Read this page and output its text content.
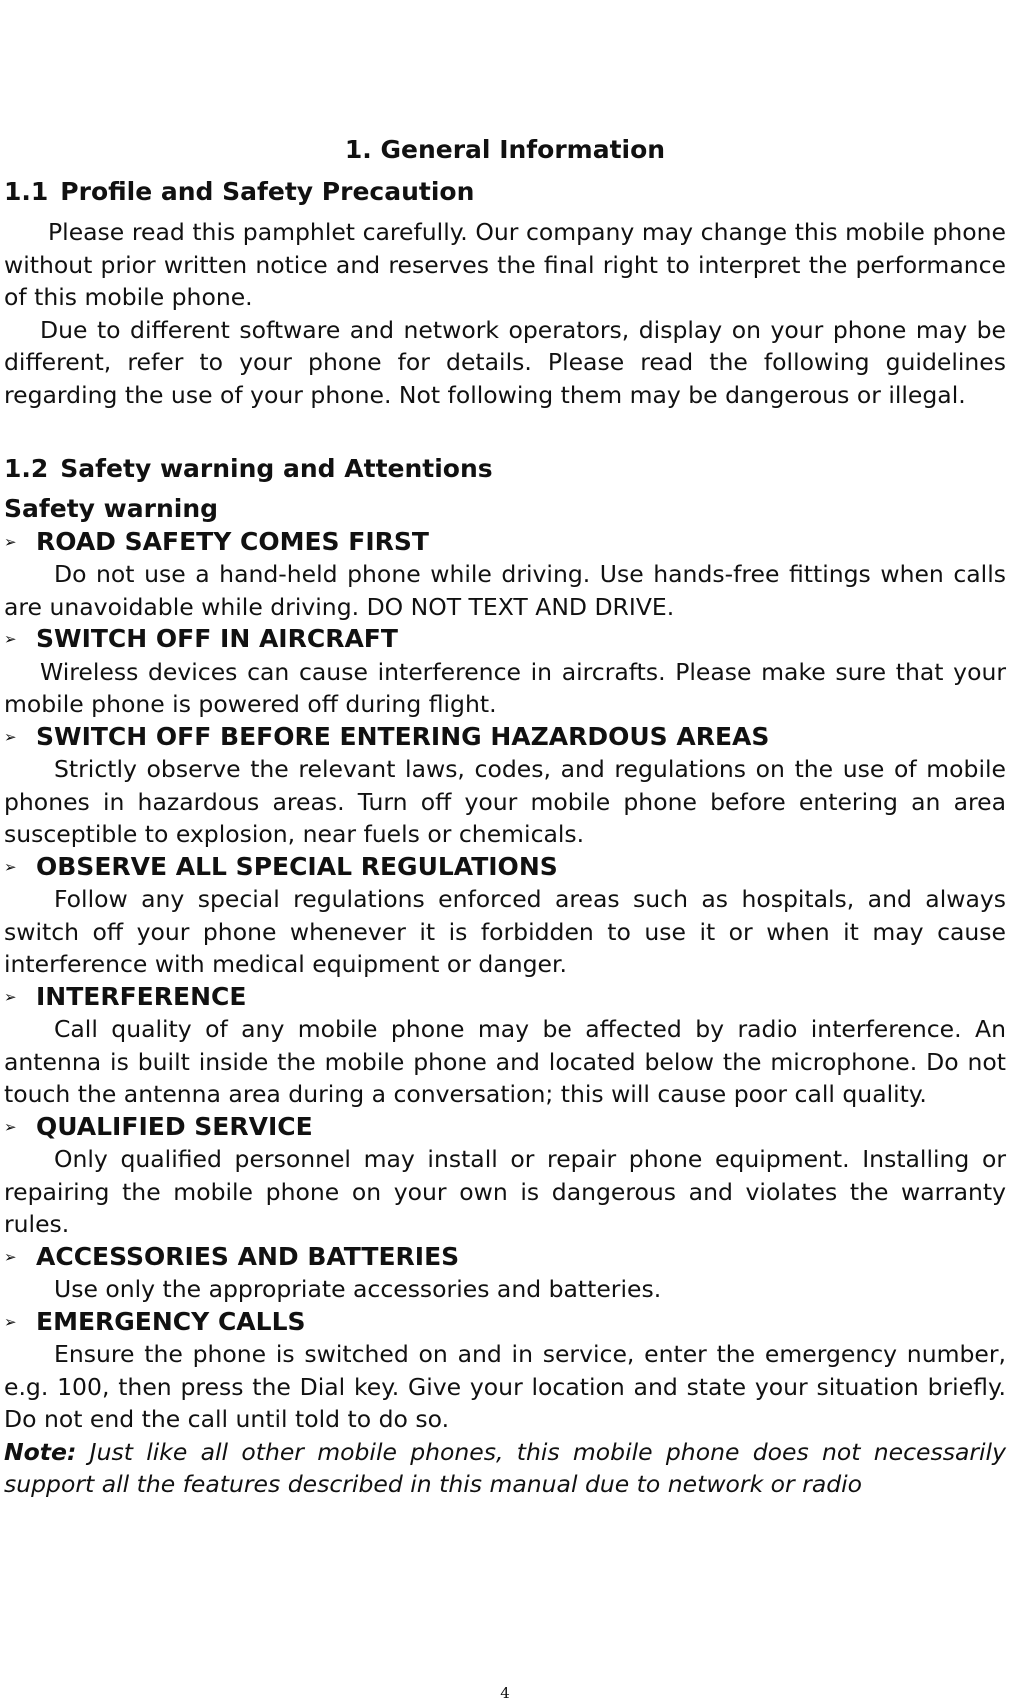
1. General Information
1.1 Profile and Safety Precaution

Please read this pamphlet carefully. Our company may change this mobile phone without prior written notice and reserves the final right to interpret the performance of this mobile phone.

Due to different software and network operators, display on your phone may be different, refer to your phone for details. Please read the following guidelines regarding the use of your phone. Not following them may be dangerous or illegal.

1.2 Safety warning and Attentions

Safety warning

➢ ROAD SAFETY COMES FIRST

Do not use a hand-held phone while driving. Use hands-free fittings when calls are unavoidable while driving. DO NOT TEXT AND DRIVE.

➢ SWITCH OFF IN AIRCRAFT

Wireless devices can cause interference in aircrafts. Please make sure that your mobile phone is powered off during flight.

➢ SWITCH OFF BEFORE ENTERING HAZARDOUS AREAS

Strictly observe the relevant laws, codes, and regulations on the use of mobile phones in hazardous areas. Turn off your mobile phone before entering an area susceptible to explosion, near fuels or chemicals.

➢ OBSERVE ALL SPECIAL REGULATIONS

Follow any special regulations enforced areas such as hospitals, and always switch off your phone whenever it is forbidden to use it or when it may cause interference with medical equipment or danger.

➢ INTERFERENCE

Call quality of any mobile phone may be affected by radio interference. An antenna is built inside the mobile phone and located below the microphone. Do not touch the antenna area during a conversation; this will cause poor call quality.

➢ QUALIFIED SERVICE

Only qualified personnel may install or repair phone equipment. Installing or repairing the mobile phone on your own is dangerous and violates the warranty rules.

➢ ACCESSORIES AND BATTERIES

Use only the appropriate accessories and batteries.

➢ EMERGENCY CALLS

Ensure the phone is switched on and in service, enter the emergency number, e.g. 100, then press the Dial key. Give your location and state your situation briefly. Do not end the call until told to do so.

Note: Just like all other mobile phones, this mobile phone does not necessarily support all the features described in this manual due to network or radio

4
